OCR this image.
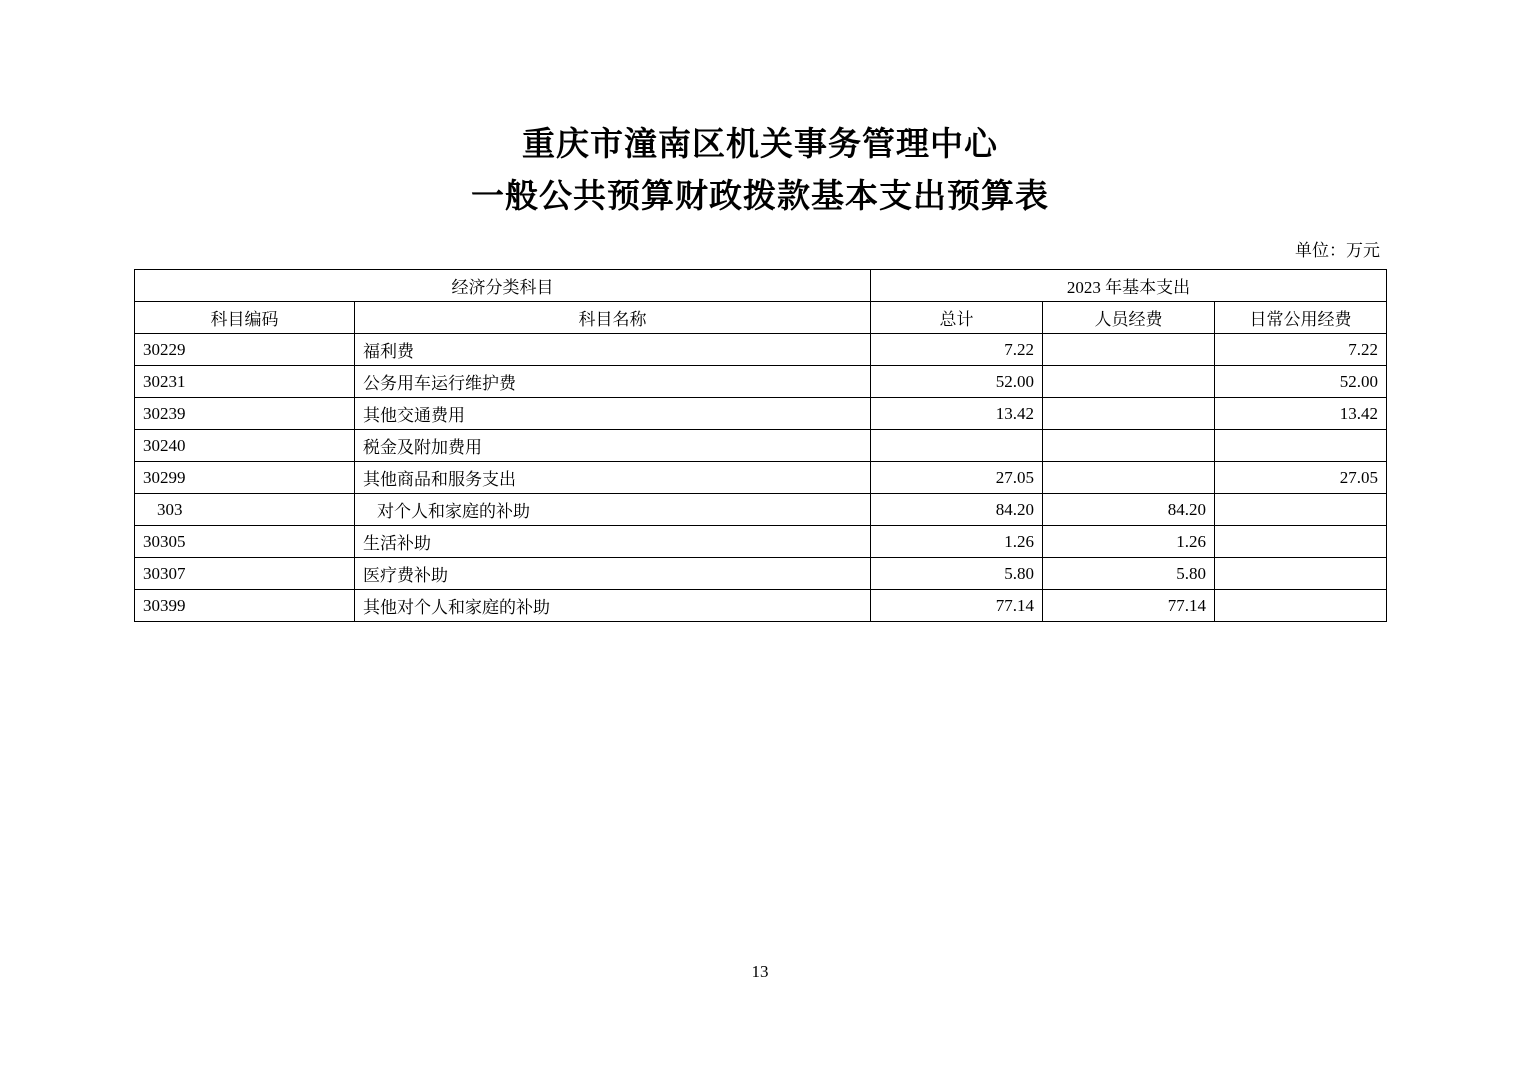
重庆市潼南区机关事务管理中心
一般公共预算财政拨款基本支出预算表
单位：万元
经济分类科目		2023 年基本支出		
科目编码	科目名称	总计	人员经费	日常公用经费
30229	福利费	7.22		7.22
30231	公务用车运行维护费	52.00		52.00
30239	其他交通费用	13.42		13.42
30240	税金及附加费用			
30299	其他商品和服务支出	27.05		27.05
303	对个人和家庭的补助	84.20	84.20	
30305	生活补助	1.26	1.26	
30307	医疗费补助	5.80	5.80	
30399	其他对个人和家庭的补助	77.14	77.14	
13
